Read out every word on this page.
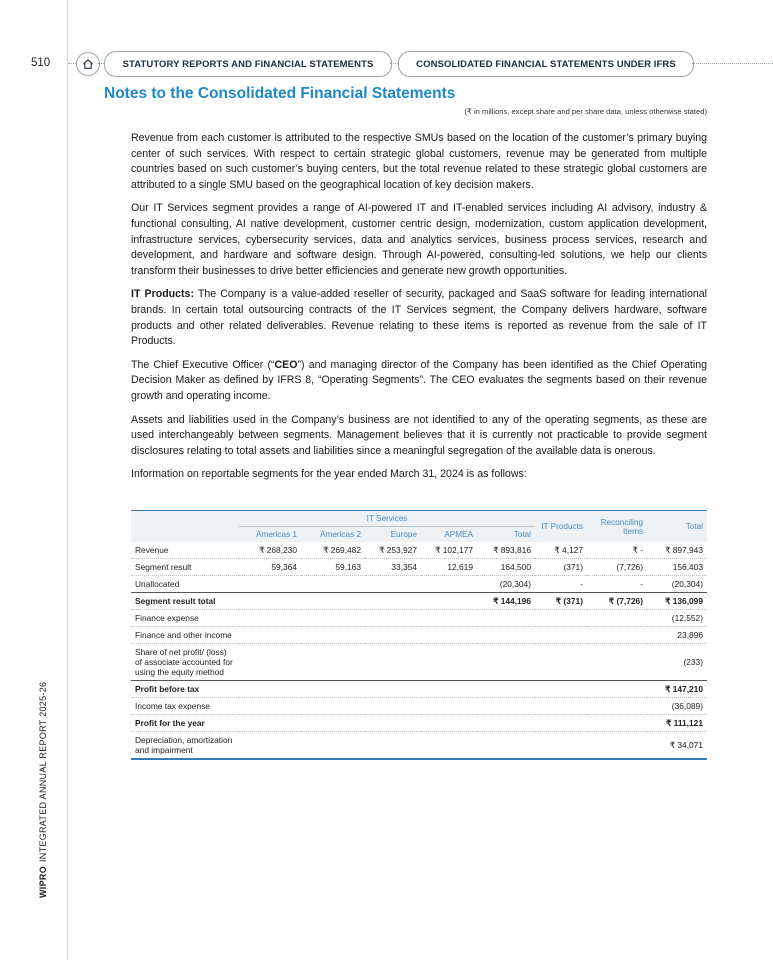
510
WIPROINTEGRATED ANNUAL REPORT 2025-26
STATUTORY REPORTS AND FINANCIAL STATEMENTS	CONSOLIDATED FINANCIAL STATEMENTS UNDER IFRS
Notes to the Consolidated Financial Statements
(₹ in millions, except share and per share data, unless otherwise stated)

Revenue from each customer is attributed to the respective SMUs based on the location of the customer’s primary buying center of such services. With respect to certain strategic global customers, revenue may be generated from multiple countries based on such customer’s buying centers, but the total revenue related to these strategic global customers are attributed to a single SMU based on the geographical location of key decision makers.

Our IT Services segment provides a range of AI-powered IT and IT-enabled services including AI advisory, industry & functional consulting, AI native development, customer centric design, modernization, custom application development, infrastructure services, cybersecurity services, data and analytics services, business process services, research and development, and hardware and software design. Through AI-powered, consulting-led solutions, we help our clients transform their businesses to drive better efficiencies and generate new growth opportunities.

IT Products: The Company is a value-added reseller of security, packaged and SaaS software for leading international brands. In certain total outsourcing contracts of the IT Services segment, the Company delivers hardware, software products and other related deliverables. Revenue relating to these items is reported as revenue from the sale of IT Products.

The Chief Executive Officer (“CEO”) and managing director of the Company has been identified as the Chief Operating Decision Maker as defined by IFRS 8, “Operating Segments”. The CEO evaluates the segments based on their revenue growth and operating income.

Assets and liabilities used in the Company’s business are not identified to any of the operating segments, as these are used interchangeably between segments. Management believes that it is currently not practicable to provide segment disclosures relating to total assets and liabilities since a meaningful segregation of the available data is onerous.

Information on reportable segments for the year ended March 31, 2024 is as follows:

	IT Services					IT Products	Reconciling Items	Total
	Americas 1	Americas 2	Europe	APMEA	Total			
Revenue	₹ 268,230	₹ 269,482	₹ 253,927	₹ 102,177	₹ 893,816	₹ 4,127	₹ -	₹ 897,943
Segment result	59,364	59,163	33,354	12,619	164,500	(371)	(7,726)	156,403
Unallocated					(20,304)	-	-	(20,304)
Segment result total					₹ 144,196	₹ (371)	₹ (7,726)	₹ 136,099
Finance expense								(12,552)
Finance and other income								23,896
Share of net profit/ (loss) of associate accounted for using the equity method								(233)
Profit before tax								₹ 147,210
Income tax expense								(36,089)
Profit for the year								₹ 111,121
Depreciation, amortization and impairment								₹ 34,071
